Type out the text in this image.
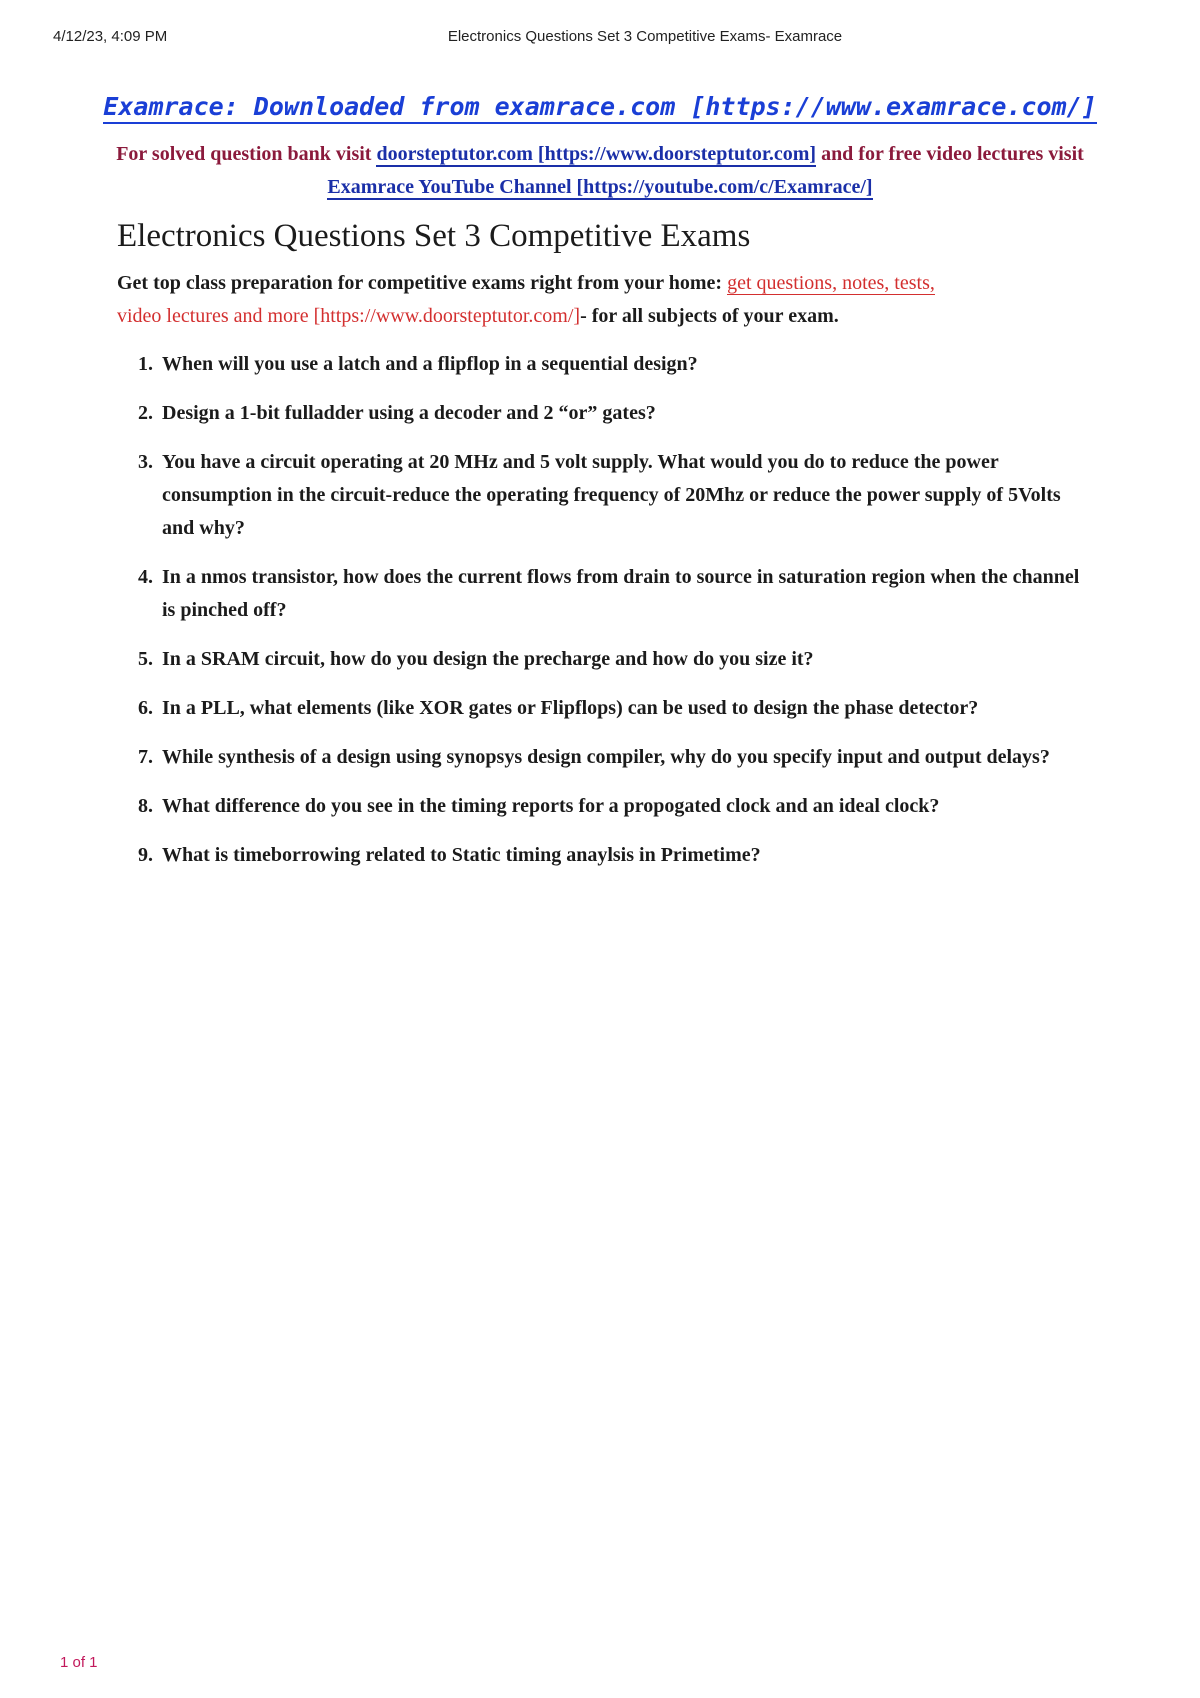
4/12/23, 4:09 PM	Electronics Questions Set 3 Competitive Exams- Examrace
Examrace: Downloaded from examrace.com [https://www.examrace.com/]
For solved question bank visit doorsteptutor.com [https://www.doorsteptutor.com] and for free video lectures visit Examrace YouTube Channel [https://youtube.com/c/Examrace/]
Electronics Questions Set 3 Competitive Exams
Get top class preparation for competitive exams right from your home: get questions, notes, tests,
video lectures and more [https://www.doorsteptutor.com/]- for all subjects of your exam.
1. When will you use a latch and a flipflop in a sequential design?
2. Design a 1-bit fulladder using a decoder and 2 “or” gates?
3. You have a circuit operating at 20 MHz and 5 volt supply. What would you do to reduce the power consumption in the circuit-reduce the operating frequency of 20Mhz or reduce the power supply of 5Volts and why?
4. In a nmos transistor, how does the current flows from drain to source in saturation region when the channel is pinched off?
5. In a SRAM circuit, how do you design the precharge and how do you size it?
6. In a PLL, what elements (like XOR gates or Flipflops) can be used to design the phase detector?
7. While synthesis of a design using synopsys design compiler, why do you specify input and output delays?
8. What difference do you see in the timing reports for a propogated clock and an ideal clock?
9. What is timeborrowing related to Static timing anaylsis in Primetime?
1 of 1
